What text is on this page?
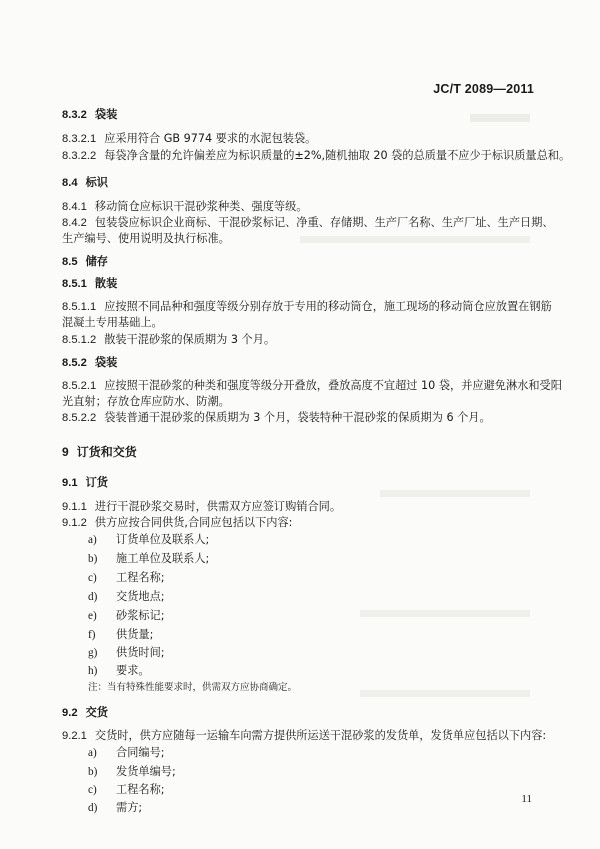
JC/T 2089—2011
8.3.2 袋装
8.3.2.1 应采用符合 GB 9774 要求的水泥包装袋。
8.3.2.2 每袋净含量的允许偏差应为标识质量的±2%,随机抽取 20 袋的总质量不应少于标识质量总和。
8.4 标识
8.4.1 移动筒仓应标识干混砂浆种类、强度等级。
8.4.2 包装袋应标识企业商标、干混砂浆标记、净重、存储期、生产厂名称、生产厂址、生产日期、
生产编号、使用说明及执行标准。
8.5 储存
8.5.1 散装
8.5.1.1 应按照不同品种和强度等级分别存放于专用的移动筒仓，施工现场的移动筒仓应放置在钢筋
混凝土专用基础上。
8.5.1.2 散装干混砂浆的保质期为 3 个月。
8.5.2 袋装
8.5.2.1 应按照干混砂浆的种类和强度等级分开叠放，叠放高度不宜超过 10 袋，并应避免淋水和受阳
光直射；存放仓库应防水、防潮。
8.5.2.2 袋装普通干混砂浆的保质期为 3 个月，袋装特种干混砂浆的保质期为 6 个月。
9 订货和交货
9.1 订货
9.1.1 进行干混砂浆交易时，供需双方应签订购销合同。
9.1.2 供方应按合同供货,合同应包括以下内容:
a) 订货单位及联系人;
b) 施工单位及联系人;
c) 工程名称;
d) 交货地点;
e) 砂浆标记;
f) 供货量;
g) 供货时间;
h) 要求。
注：当有特殊性能要求时，供需双方应协商确定。
9.2 交货
9.2.1 交货时，供方应随每一运输车向需方提供所运送干混砂浆的发货单，发货单应包括以下内容:
a) 合同编号;
b) 发货单编号;
c) 工程名称;
d) 需方;
11
